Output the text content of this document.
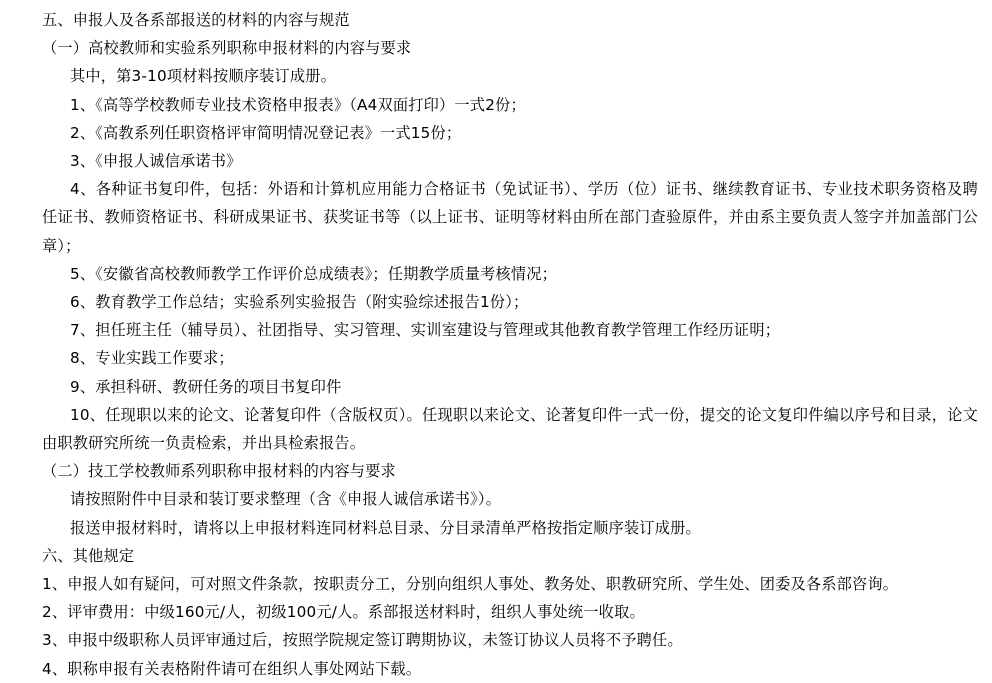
五、申报人及各系部报送的材料的内容与规范

（一）高校教师和实验系列职称申报材料的内容与要求

其中，第3-10项材料按顺序装订成册。

1、《高等学校教师专业技术资格申报表》（A4双面打印）一式2份；

2、《高教系列任职资格评审简明情况登记表》一式15份；

3、《申报人诚信承诺书》

4、各种证书复印件，包括：外语和计算机应用能力合格证书（免试证书）、学历（位）证书、继续教育证书、专业技术职务资格及聘任证书、教师资格证书、科研成果证书、获奖证书等（以上证书、证明等材料由所在部门查验原件，并由系主要负责人签字并加盖部门公章）；

5、《安徽省高校教师教学工作评价总成绩表》；任期教学质量考核情况；

6、教育教学工作总结；实验系列实验报告（附实验综述报告1份）；

7、担任班主任（辅导员）、社团指导、实习管理、实训室建设与管理或其他教育教学管理工作经历证明；

8、专业实践工作要求；

9、承担科研、教研任务的项目书复印件

10、任现职以来的论文、论著复印件（含版权页）。任现职以来论文、论著复印件一式一份，提交的论文复印件编以序号和目录，论文由职教研究所统一负责检索，并出具检索报告。

（二）技工学校教师系列职称申报材料的内容与要求

请按照附件中目录和装订要求整理（含《申报人诚信承诺书》）。

报送申报材料时，请将以上申报材料连同材料总目录、分目录清单严格按指定顺序装订成册。

六、其他规定

1、申报人如有疑问，可对照文件条款，按职责分工，分别向组织人事处、教务处、职教研究所、学生处、团委及各系部咨询。

2、评审费用：中级160元/人，初级100元/人。系部报送材料时，组织人事处统一收取。

3、申报中级职称人员评审通过后，按照学院规定签订聘期协议，未签订协议人员将不予聘任。

4、职称申报有关表格附件请可在组织人事处网站下载。
